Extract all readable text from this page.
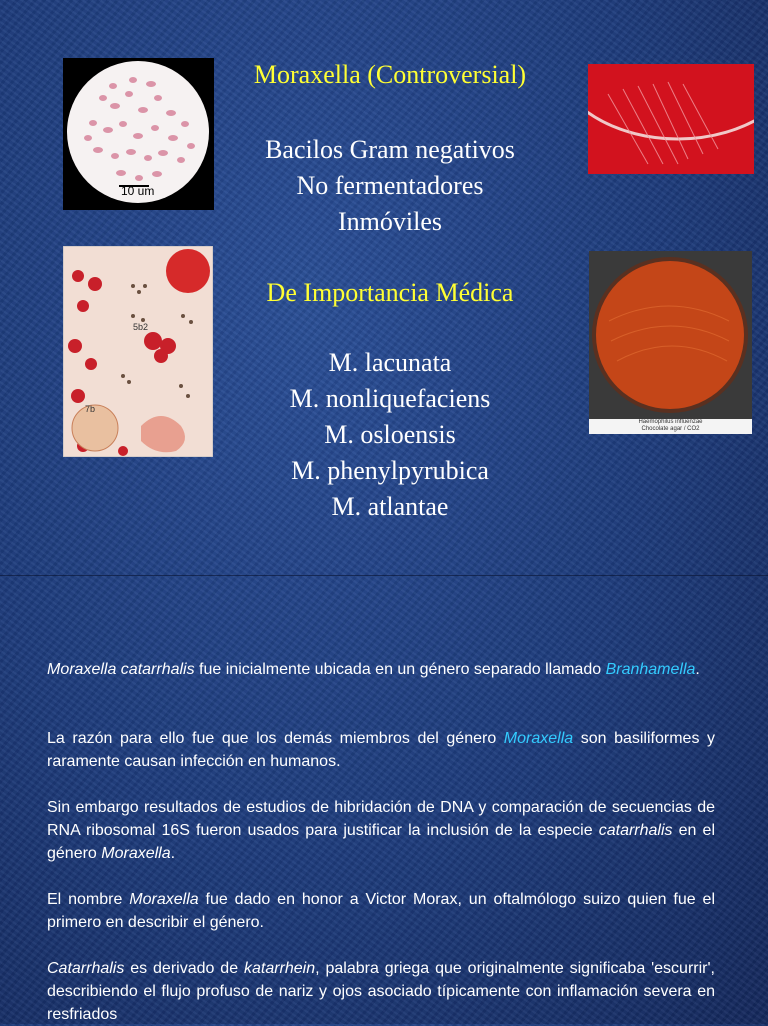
10 um
5b2
7b
Haemophilus influenzae
Chocolate agar / CO2
Moraxella (Controversial)
Bacilos Gram negativos
No fermentadores
Inmóviles
De Importancia Médica
M. lacunata
M. nonliquefaciens
M. osloensis
M. phenylpyrubica
M. atlantae

Moraxella catarrhalis fue inicialmente ubicada en un género separado llamado Branhamella.

La razón para ello fue que los demás miembros del género Moraxella son basiliformes y raramente causan infección en humanos.

Sin embargo resultados de estudios de hibridación de DNA y comparación de secuencias de RNA ribosomal 16S fueron usados para justificar la inclusión de la especie catarrhalis en el género Moraxella.

El nombre Moraxella fue dado en honor a Victor Morax, un oftalmólogo suizo quien fue el primero en describir el género.

Catarrhalis es derivado de katarrhein, palabra griega que originalmente significaba 'escurrir', describiendo el flujo profuso de nariz y ojos asociado típicamente con inflamación severa en resfriados
